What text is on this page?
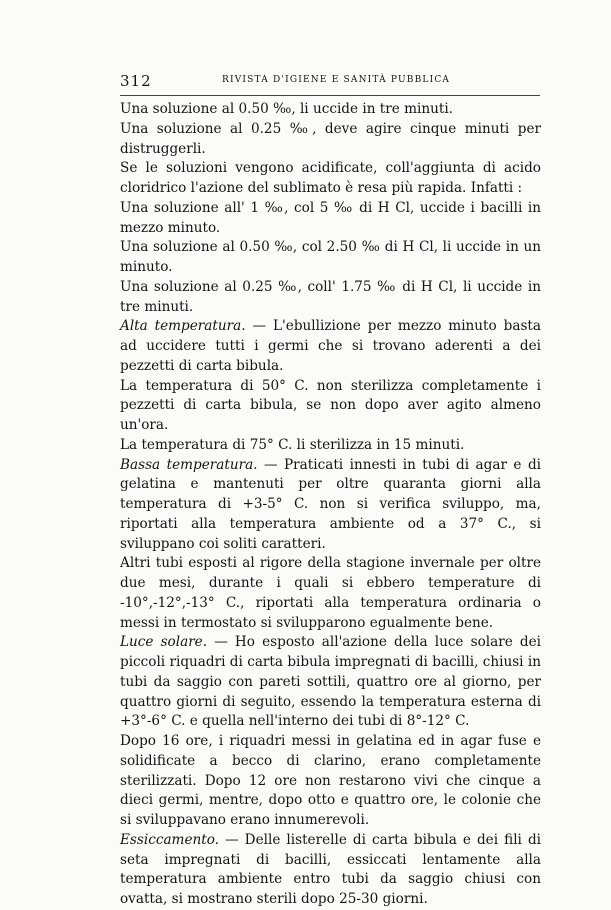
312	RIVISTA D'IGIENE E SANITÀ PUBBLICA

Una soluzione al 0.50 ‰, li uccide in tre minuti.

Una soluzione al 0.25 ‰, deve agire cinque minuti per distruggerli.

Se le soluzioni vengono acidificate, coll'aggiunta di acido cloridrico l'azione del sublimato è resa più rapida. Infatti :

Una soluzione all' 1 ‰, col 5 ‰ di H Cl, uccide i bacilli in mezzo minuto.

Una soluzione al 0.50 ‰, col 2.50 ‰ di H Cl, li uccide in un minuto.

Una soluzione al 0.25 ‰, coll' 1.75 ‰ di H Cl, li uccide in tre minuti.

Alta temperatura. — L'ebullizione per mezzo minuto basta ad uccidere tutti i germi che si trovano aderenti a dei pezzetti di carta bibula.

La temperatura di 50° C. non sterilizza completamente i pezzetti di carta bibula, se non dopo aver agito almeno un'ora.

La temperatura di 75° C. li sterilizza in 15 minuti.

Bassa temperatura. — Praticati innesti in tubi di agar e di gelatina e mantenuti per oltre quaranta giorni alla temperatura di +3-5° C. non si verifica sviluppo, ma, riportati alla temperatura ambiente od a 37° C., si sviluppano coi soliti caratteri.

Altri tubi esposti al rigore della stagione invernale per oltre due mesi, durante i quali si ebbero temperature di -10°,-12°,-13° C., riportati alla temperatura ordinaria o messi in termostato si svilupparono egualmente bene.

Luce solare. — Ho esposto all'azione della luce solare dei piccoli riquadri di carta bibula impregnati di bacilli, chiusi in tubi da saggio con pareti sottili, quattro ore al giorno, per quattro giorni di seguito, essendo la temperatura esterna di +3°-6° C. e quella nell'interno dei tubi di 8°-12° C.

Dopo 16 ore, i riquadri messi in gelatina ed in agar fuse e solidificate a becco di clarino, erano completamente sterilizzati. Dopo 12 ore non restarono vivi che cinque a dieci germi, mentre, dopo otto e quattro ore, le colonie che si sviluppavano erano innumerevoli.

Essiccamento. — Delle listerelle di carta bibula e dei fili di seta impregnati di bacilli, essiccati lentamente alla temperatura ambiente entro tubi da saggio chiusi con ovatta, si mostrano sterili dopo 25-30 giorni.
